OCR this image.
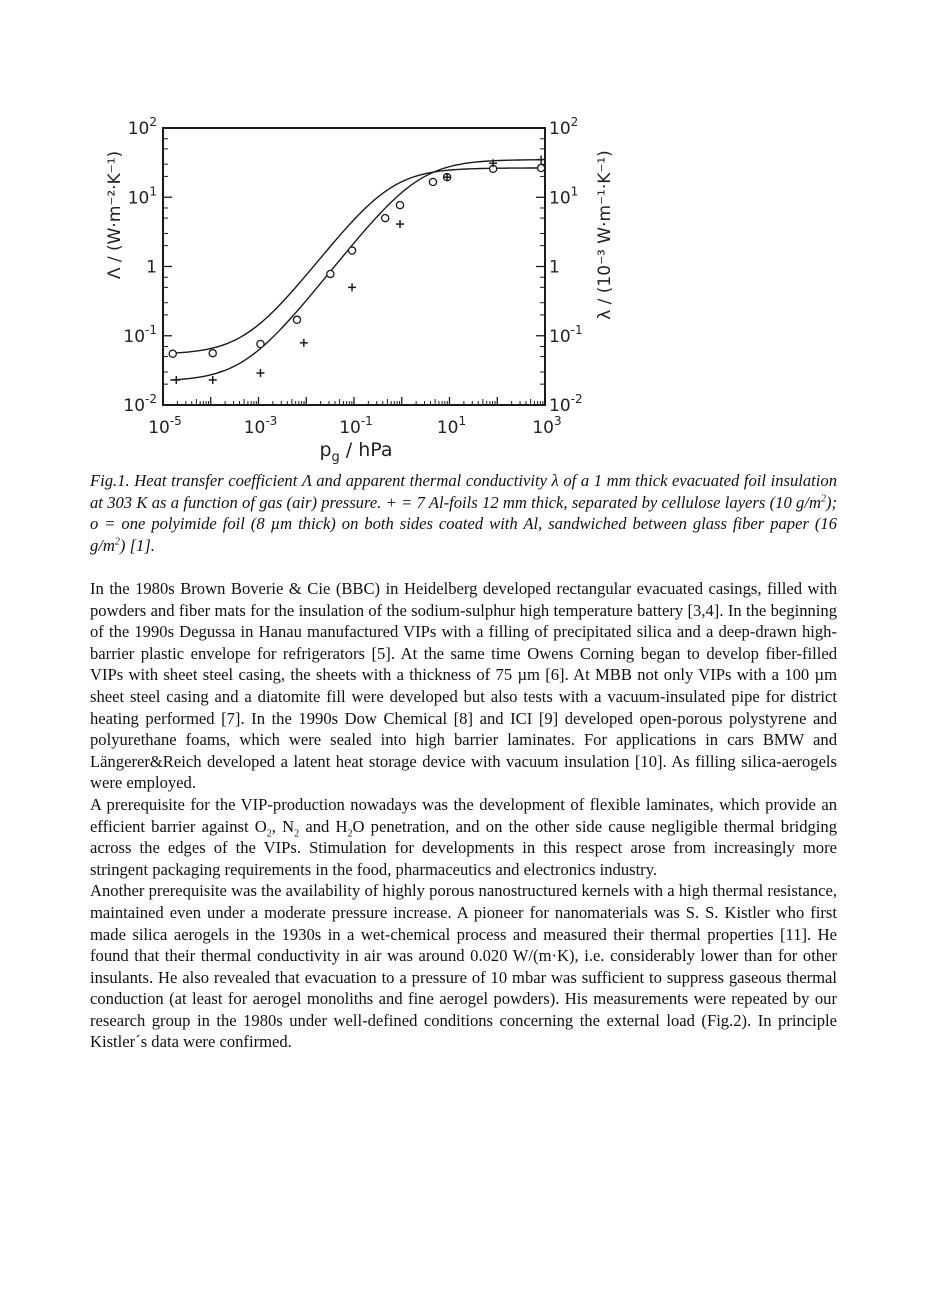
$10^{-5}$	$10^{-3}$	$10^{-1}$	$10^1$	$10^3$
$10^2$	$10^2$
$10^1$	$10^1$
1	1
$10^{-1}$	$10^{-1}$
$10^{-2}$	$10^{-2}$
$p_g$ / hPa
Λ / (W·m⁻²·K⁻¹)	λ / (10⁻³ W·m⁻¹·K⁻¹)
Fig.1. Heat transfer coefficient Λ and apparent thermal conductivity λ of a 1 mm thick evacuated foil insulation at 303 K as a function of gas (air) pressure. + = 7 Al-foils 12 mm thick, separated by cellulose layers (10 $g/m^2$); o = one polyimide foil (8 µm thick) on both sides coated with Al, sandwiched between glass fiber paper (16 $g/m^2$) [1].

In the 1980s Brown Boverie & Cie (BBC) in Heidelberg developed rectangular evacuated casings, filled with powders and fiber mats for the insulation of the sodium-sulphur high temperature battery [3,4]. In the beginning of the 1990s Degussa in Hanau manufactured VIPs with a filling of precipitated silica and a deep-drawn high-barrier plastic envelope for refrigerators [5]. At the same time Owens Corning began to develop fiber-filled VIPs with sheet steel casing, the sheets with a thickness of 75 µm [6]. At MBB not only VIPs with a 100 µm sheet steel casing and a diatomite fill were developed but also tests with a vacuum-insulated pipe for district heating performed [7]. In the 1990s Dow Chemical [8] and ICI [9] developed open-porous polystyrene and polyurethane foams, which were sealed into high barrier laminates. For applications in cars BMW and Längerer&Reich developed a latent heat storage device with vacuum insulation [10]. As filling silica-aerogels were employed.

A prerequisite for the VIP-production nowadays was the development of flexible laminates, which provide an efficient barrier against $O_2$, $N_2$ and $H_2O$ penetration, and on the other side cause negligible thermal bridging across the edges of the VIPs. Stimulation for developments in this respect arose from increasingly more stringent packaging requirements in the food, pharmaceutics and electronics industry.

Another prerequisite was the availability of highly porous nanostructured kernels with a high thermal resistance, maintained even under a moderate pressure increase. A pioneer for nanomaterials was S. S. Kistler who first made silica aerogels in the 1930s in a wet-chemical process and measured their thermal properties [11]. He found that their thermal conductivity in air was around 0.020 W/(m·K), i.e. considerably lower than for other insulants. He also revealed that evacuation to a pressure of 10 mbar was sufficient to suppress gaseous thermal conduction (at least for aerogel monoliths and fine aerogel powders). His measurements were repeated by our research group in the 1980s under well-defined conditions concerning the external load (Fig.2). In principle Kistler´s data were confirmed.
